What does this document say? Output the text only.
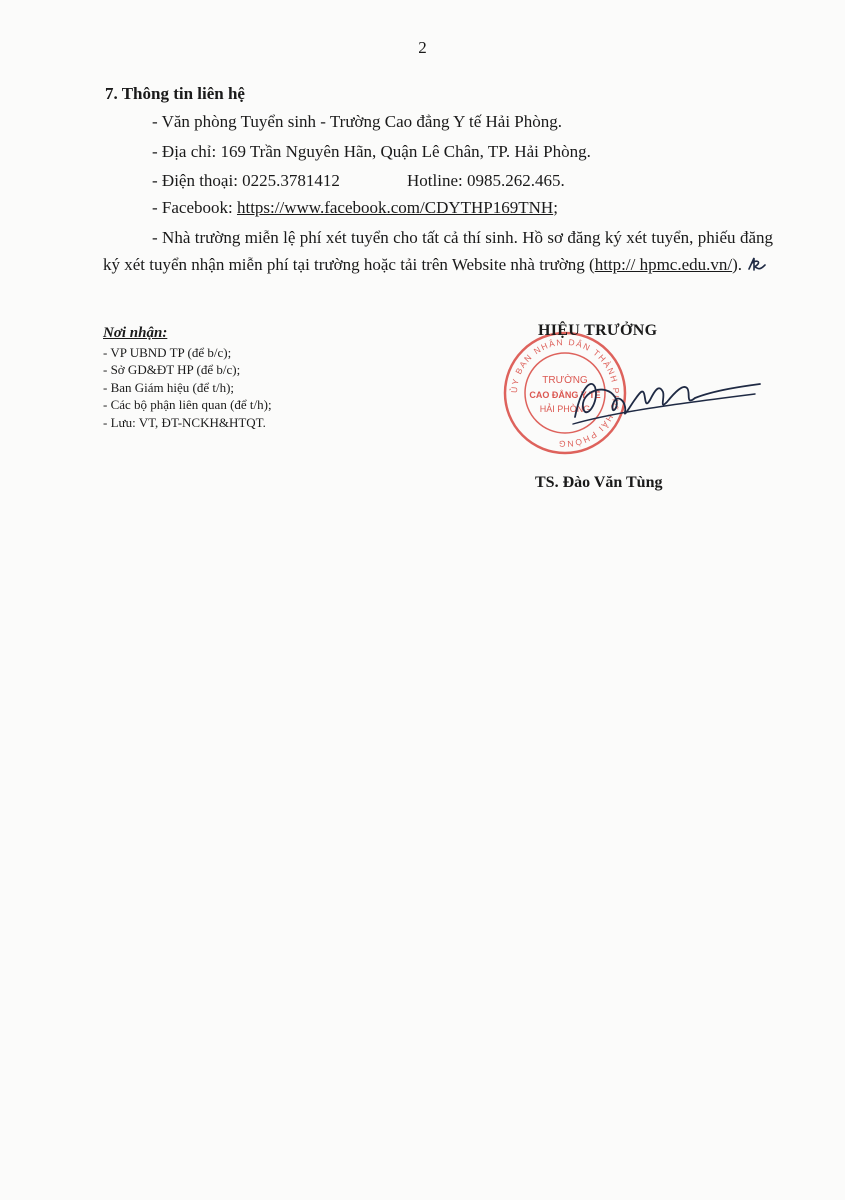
2
7. Thông tin liên hệ
- Văn phòng Tuyển sinh - Trường Cao đẳng Y tế Hải Phòng.
- Địa chỉ: 169 Trần Nguyên Hãn, Quận Lê Chân, TP. Hải Phòng.
- Điện thoại: 0225.3781412	Hotline: 0985.262.465.
- Facebook: https://www.facebook.com/CDYTHP169TNH;
- Nhà trường miễn lệ phí xét tuyển cho tất cả thí sinh. Hồ sơ đăng ký xét tuyển, phiếu đăng ký xét tuyển nhận miễn phí tại trường hoặc tải trên Website nhà trường (http:// hpmc.edu.vn/).
Nơi nhận:
- VP UBND TP (để b/c);
- Sở GD&ĐT HP (để b/c);
- Ban Giám hiệu (để t/h);
- Các bộ phận liên quan (để t/h);
- Lưu: VT, ĐT-NCKH&HTQT.
ỦY BAN NHÂN DÂN THÀNH PHỐ HẢI PHÒNG
TRƯỜNG
CAO ĐẲNG Y TẾ
HẢI PHÒNG
HIỆU TRƯỞNG
TS. Đào Văn Tùng
